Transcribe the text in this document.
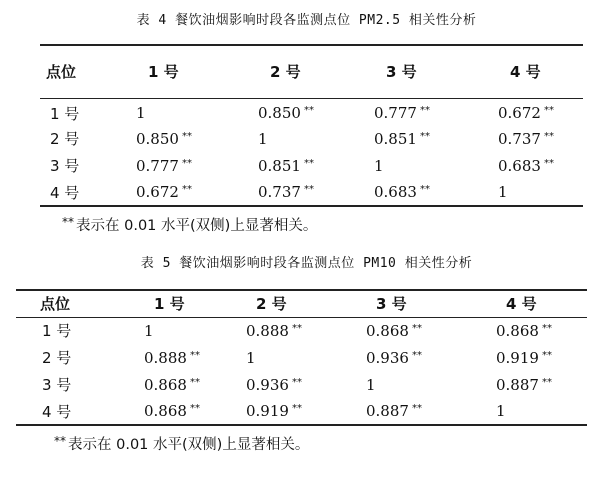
表 4 餐饮油烟影响时段各监测点位 PM2.5 相关性分析
点位	1 号	2 号	3 号	4 号
1 号	1	0.850 **	0.777 **	0.672 **
2 号	0.850 **	1	0.851 **	0.737 **
3 号	0.777 **	0.851 **	1	0.683 **
4 号	0.672 **	0.737 **	0.683 **	1
** 表示在 0.01 水平(双侧)上显著相关。
表 5 餐饮油烟影响时段各监测点位 PM10 相关性分析
点位	1 号	2 号	3 号	4 号
1 号	1	0.888 **	0.868 **	0.868 **
2 号	0.888 **	1	0.936 **	0.919 **
3 号	0.868 **	0.936 **	1	0.887 **
4 号	0.868 **	0.919 **	0.887 **	1
** 表示在 0.01 水平(双侧)上显著相关。
